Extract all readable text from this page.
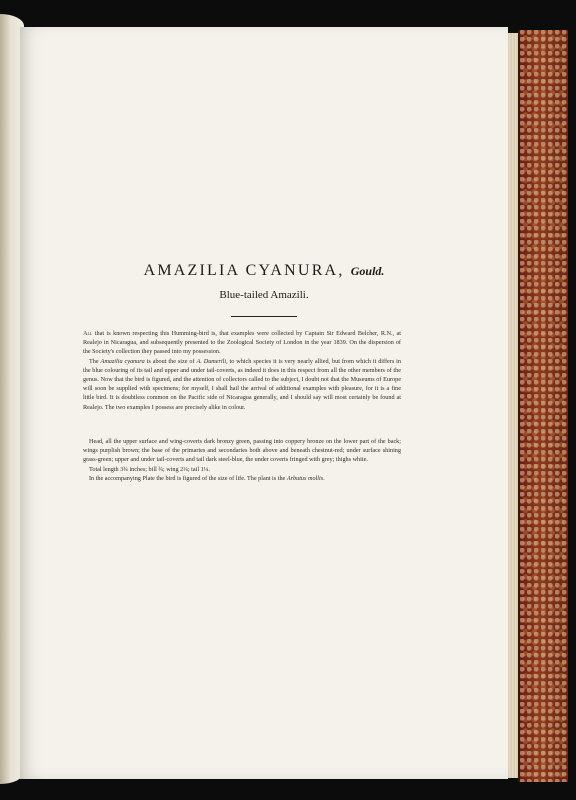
AMAZILIA CYANURA, Gould.
Blue-tailed Amazili.

All that is known respecting this Humming-bird is, that examples were collected by Captain Sir Edward Belcher, R.N., at Realejo in Nicaragua, and subsequently presented to the Zoological Society of London in the year 1839. On the dispersion of the Society's collection they passed into my possession.

The Amazilia cyanura is about the size of A. Dumerili, to which species it is very nearly allied, but from which it differs in the blue colouring of its tail and upper and under tail-coverts, as indeed it does in this respect from all the other members of the genus. Now that the bird is figured, and the attention of collectors called to the subject, I doubt not that the Museums of Europe will soon be supplied with specimens; for myself, I shall hail the arrival of additional examples with pleasure, for it is a fine little bird. It is doubtless common on the Pacific side of Nicaragua generally, and I should say will most certainly be found at Realejo. The two examples I possess are precisely alike in colour.

Head, all the upper surface and wing-coverts dark bronzy green, passing into coppery bronze on the lower part of the back; wings purplish brown; the base of the primaries and secondaries both above and beneath chestnut-red; under surface shining grass-green; upper and under tail-coverts and tail dark steel-blue, the under coverts fringed with grey; thighs white.

Total length 3¾ inches; bill ¾; wing 2¼; tail 1¼.

In the accompanying Plate the bird is figured of the size of life. The plant is the Arbutus mollis.
